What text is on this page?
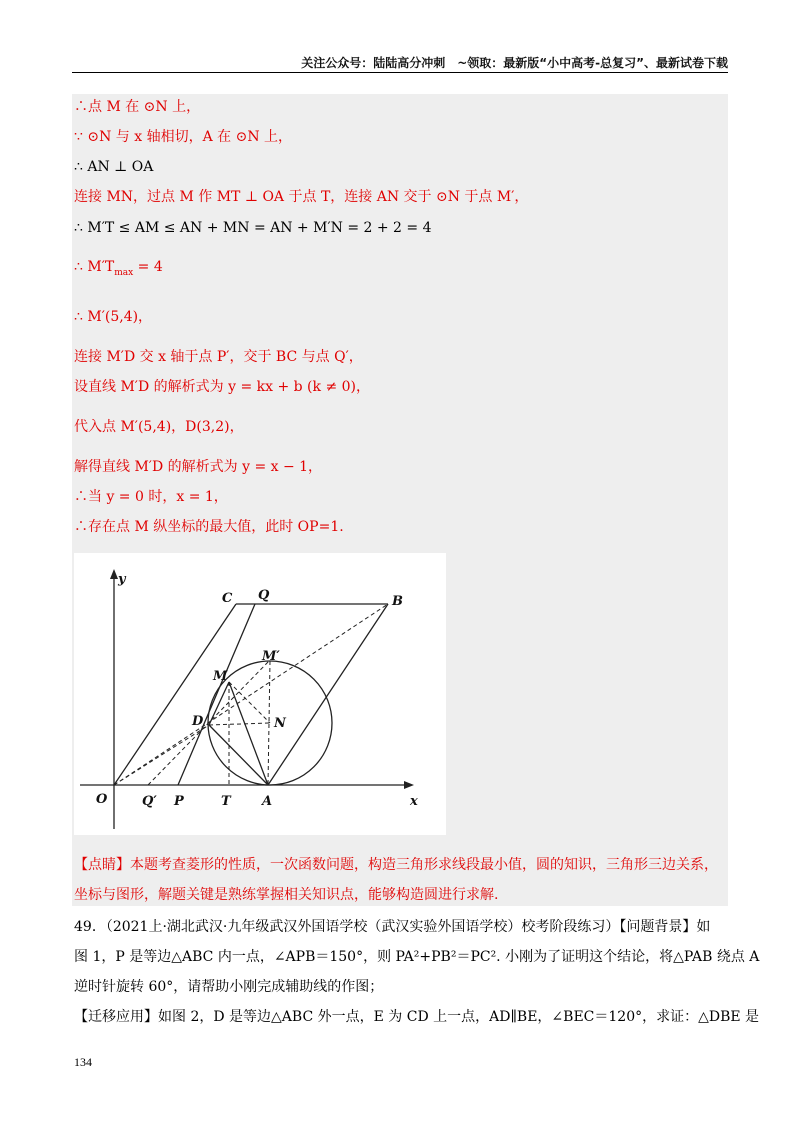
关注公众号：陆陆高分冲刺　~领取：最新版“小中高考-总复习”、最新试卷下载
∴点 M 在 ⊙N 上，
∵ ⊙N 与 x 轴相切，A 在 ⊙N 上，
∴ AN ⊥ OA
连接 MN，过点 M 作 MT ⊥ OA 于点 T，连接 AN 交于 ⊙N 于点 M′，
∴ M′T ≤ AM ≤ AN + MN = AN + M′N = 2 + 2 = 4
∴ $M'T_{max} = 4$
∴ M′(5,4)，
连接 M′D 交 x 轴于点 P′，交于 BC 与点 Q′，
设直线 M′D 的解析式为 y = kx + b (k ≠ 0)，
代入点 M′(5,4)，D(3,2)，
解得直线 M′D 的解析式为 y = x − 1，
∴当 y = 0 时，x = 1，
∴存在点 M 纵坐标的最大值，此时 OP=1.
y
x
O
C Q	B
M
M′
D	N
Q′ P	T A
【点睛】本题考查菱形的性质，一次函数问题，构造三角形求线段最小值，圆的知识，三角形三边关系，
坐标与图形，解题关键是熟练掌握相关知识点，能够构造圆进行求解.
49．（2021上·湖北武汉·九年级武汉外国语学校（武汉实验外国语学校）校考阶段练习）【问题背景】如
图 1，P 是等边△ABC 内一点，∠APB＝150°，则 PA²+PB²＝PC². 小刚为了证明这个结论，将△PAB 绕点 A
逆时针旋转 60°，请帮助小刚完成辅助线的作图；
【迁移应用】如图 2，D 是等边△ABC 外一点，E 为 CD 上一点，AD∥BE，∠BEC＝120°，求证：△DBE 是
134
